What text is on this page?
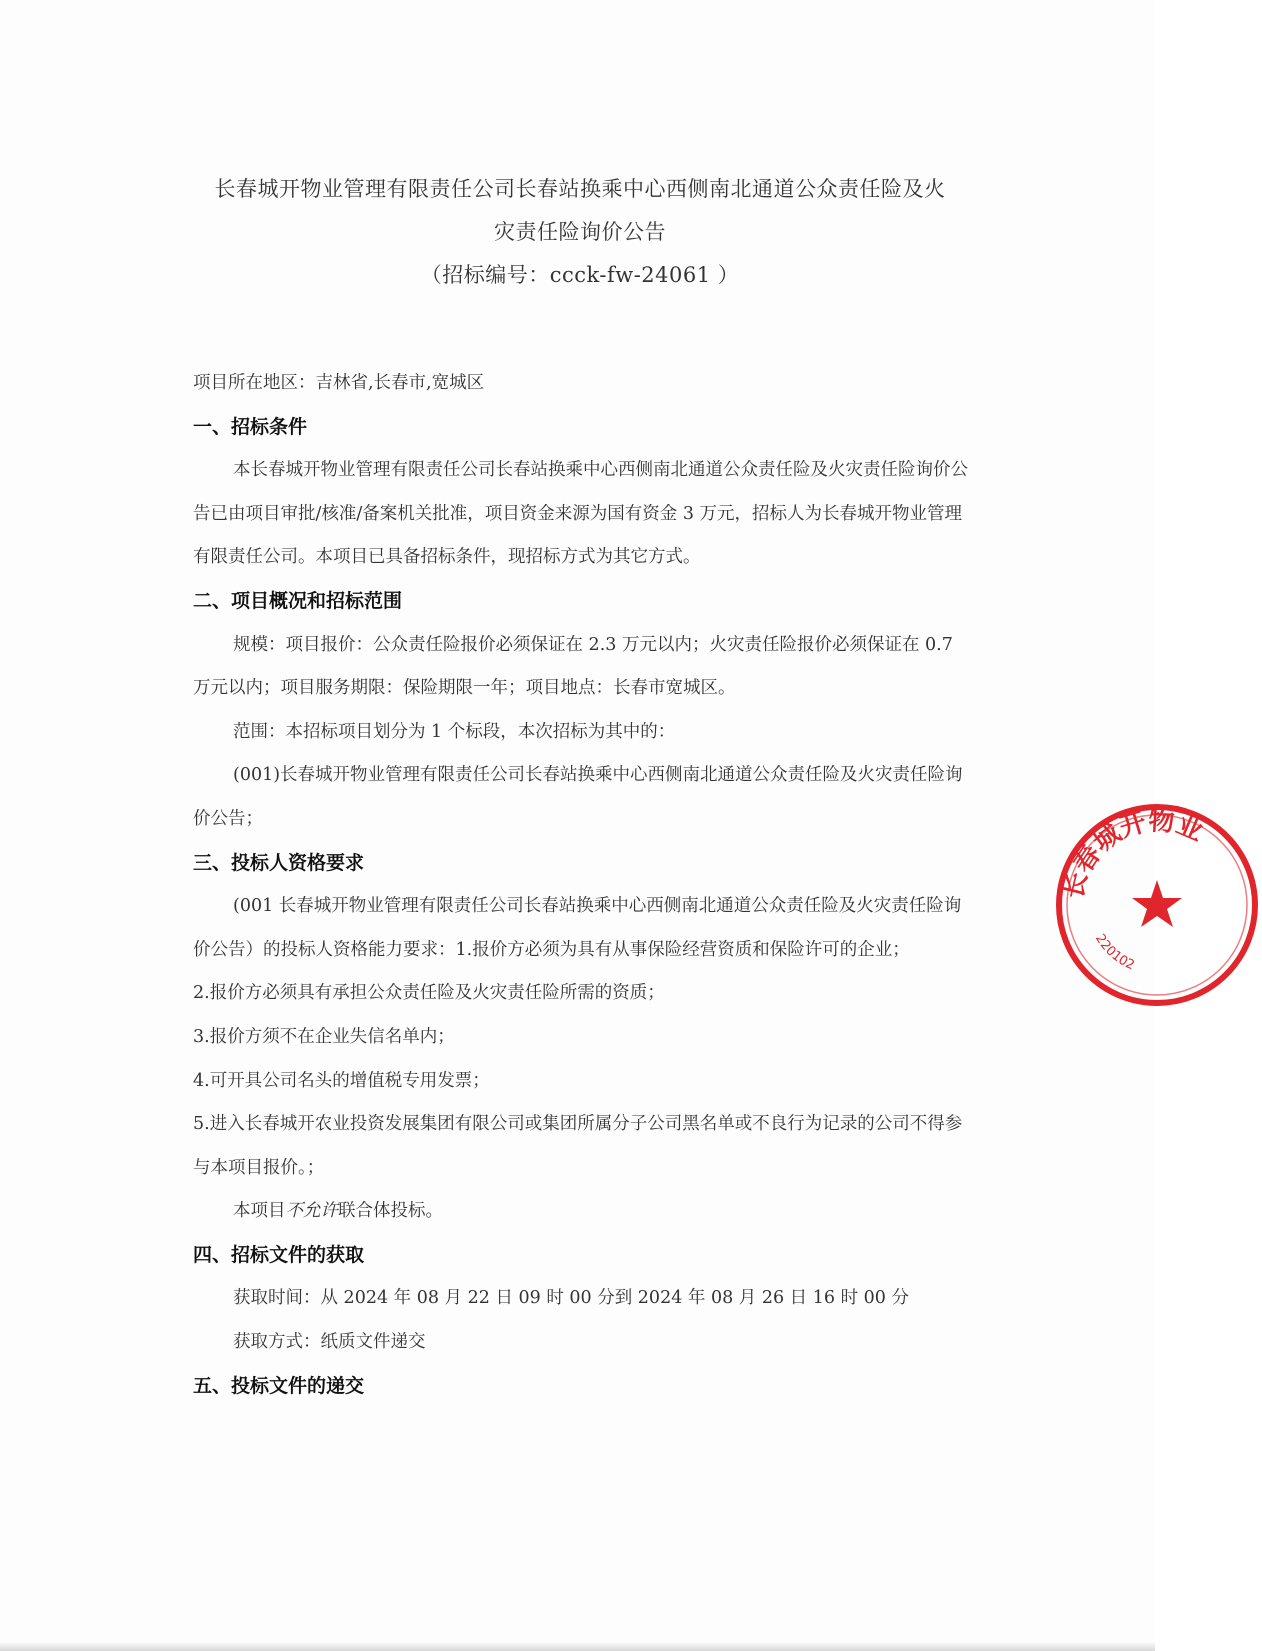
长春城开物业管理有限责任公司长春站换乘中心西侧南北通道公众责任险及火
灾责任险询价公告
（招标编号：ccck-fw-24061 ）

项目所在地区：吉林省,长春市,宽城区

一、招标条件

本长春城开物业管理有限责任公司长春站换乘中心西侧南北通道公众责任险及火灾责任险询价公告已由项目审批/核准/备案机关批准，项目资金来源为国有资金 3 万元，招标人为长春城开物业管理有限责任公司。本项目已具备招标条件，现招标方式为其它方式。

二、项目概况和招标范围

规模：项目报价：公众责任险报价必须保证在 2.3 万元以内；火灾责任险报价必须保证在 0.7 万元以内；项目服务期限：保险期限一年；项目地点：长春市宽城区。

范围：本招标项目划分为 1 个标段，本次招标为其中的：

(001)长春城开物业管理有限责任公司长春站换乘中心西侧南北通道公众责任险及火灾责任险询价公告；

三、投标人资格要求

(001 长春城开物业管理有限责任公司长春站换乘中心西侧南北通道公众责任险及火灾责任险询价公告）的投标人资格能力要求：1.报价方必须为具有从事保险经营资质和保险许可的企业；

2.报价方必须具有承担公众责任险及火灾责任险所需的资质；

3.报价方须不在企业失信名单内；

4.可开具公司名头的增值税专用发票；

5.进入长春城开农业投资发展集团有限公司或集团所属分子公司黑名单或不良行为记录的公司不得参与本项目报价。；

本项目不允许联合体投标。

四、招标文件的获取

获取时间：从 2024 年 08 月 22 日 09 时 00 分到 2024 年 08 月 26 日 16 时 00 分

获取方式：纸质文件递交

五、投标文件的递交

长春城开物业
220102
